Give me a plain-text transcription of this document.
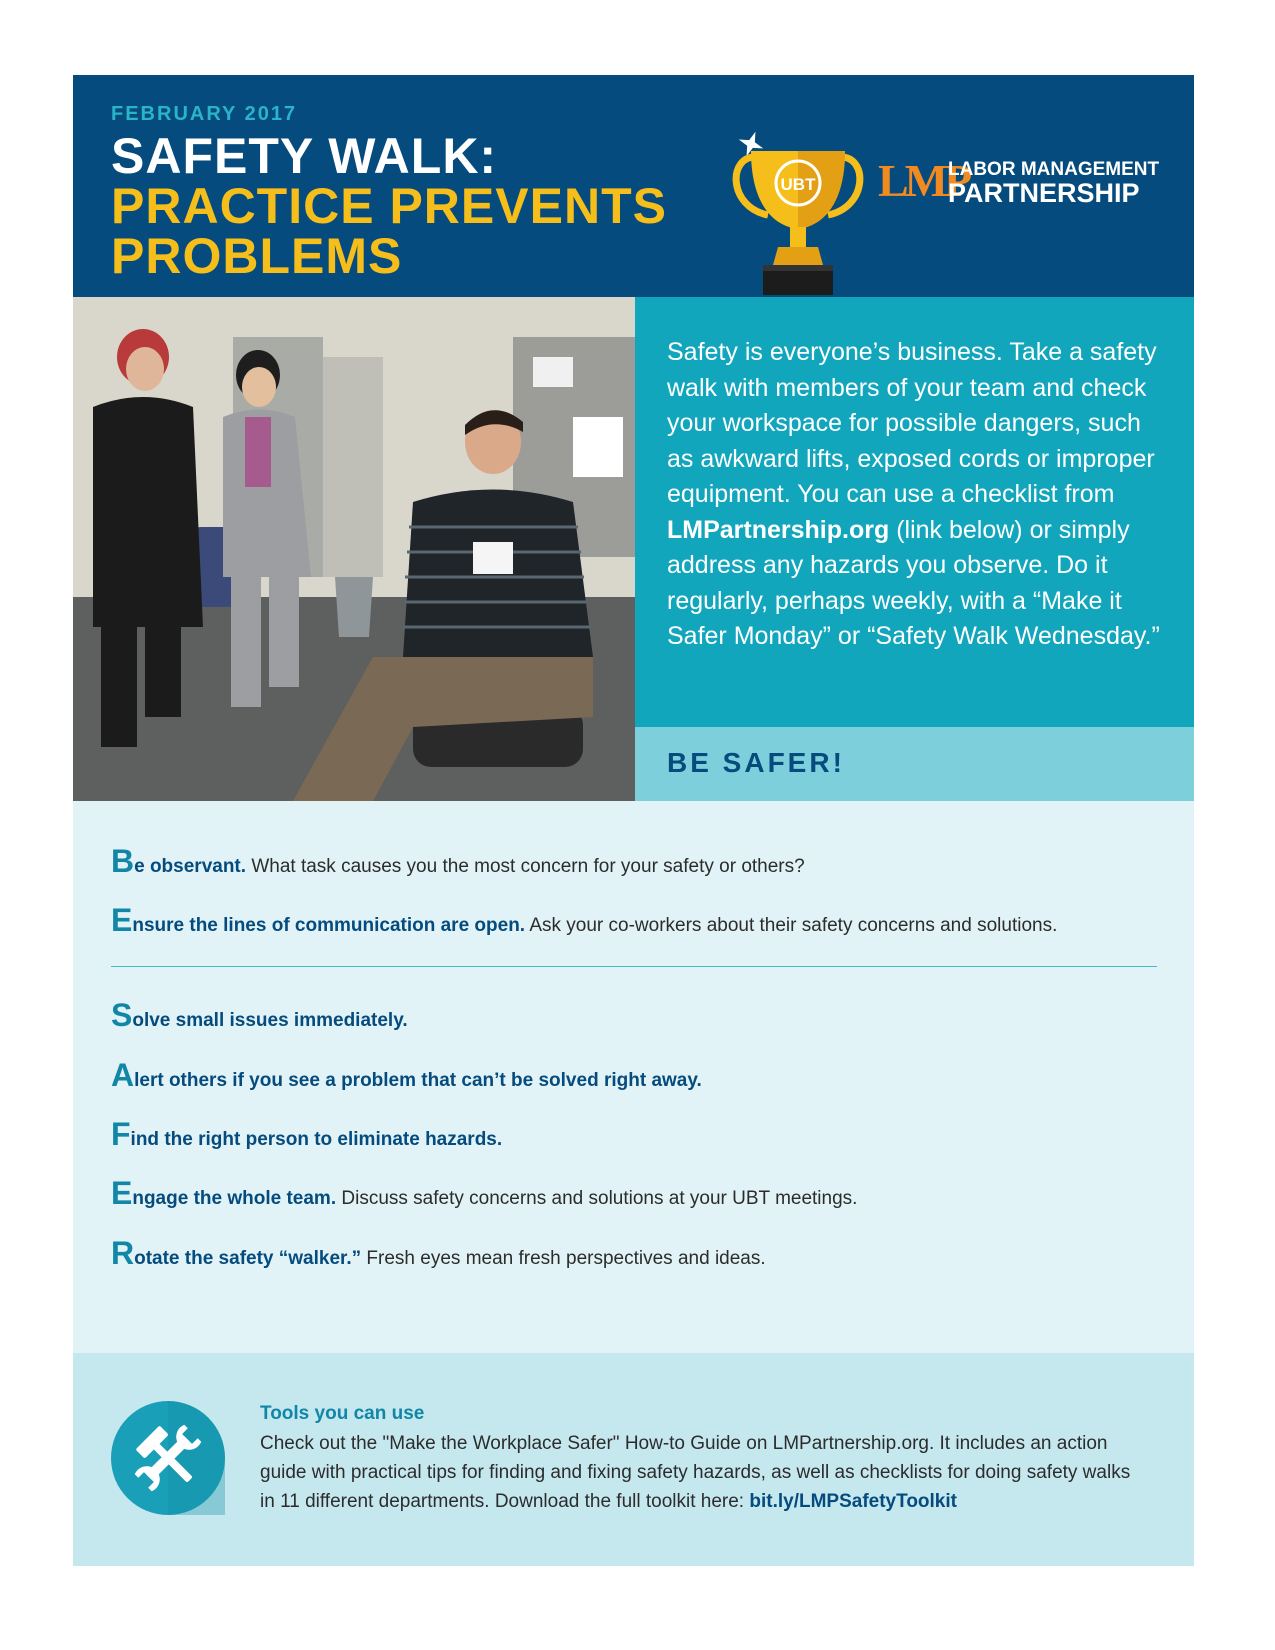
FEBRUARY 2017
SAFETY WALK:
PRACTICE PREVENTS
PROBLEMS
UBT LMP
LABOR MANAGEMENT
PARTNERSHIP

Safety is everyone’s business. Take a safety walk with members of your team and check your workspace for possible dangers, such as awkward lifts, exposed cords or improper equipment. You can use a checklist from LMPartnership.org (link below) or simply address any hazards you observe. Do it regularly, perhaps weekly, with a “Make it Safer Monday” or “Safety Walk Wednesday.”

BE SAFER!
Be observant. What task causes you the most concern for your safety or others?
Ensure the lines of communication are open. Ask your co-workers about their safety concerns and solutions.
Solve small issues immediately.
Alert others if you see a problem that can’t be solved right away.
Find the right person to eliminate hazards.
Engage the whole team. Discuss safety concerns and solutions at your UBT meetings.
Rotate the safety “walker.” Fresh eyes mean fresh perspectives and ideas.
Tools you can use
Check out the "Make the Workplace Safer" How-to Guide on LMPartnership.org. It includes an action guide with practical tips for finding and fixing safety hazards, as well as checklists for doing safety walks in 11 different departments. Download the full toolkit here: bit.ly/LMPSafetyToolkit
